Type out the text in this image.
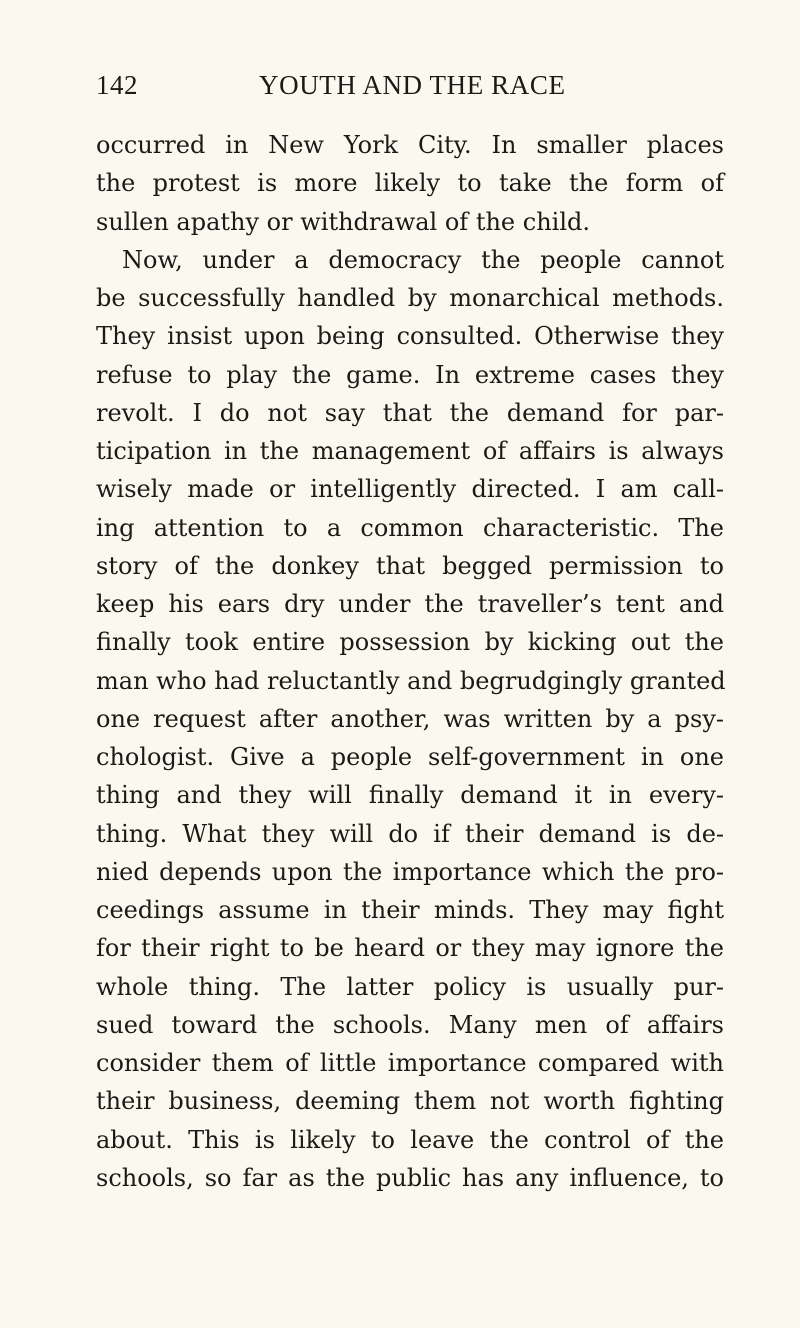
142	YOUTH AND THE RACE
occurred in New York City. In smaller places
the protest is more likely to take the form of
sullen apathy or withdrawal of the child.
Now, under a democracy the people cannot
be successfully handled by monarchical methods.
They insist upon being consulted. Otherwise they
refuse to play the game. In extreme cases they
revolt. I do not say that the demand for par-
ticipation in the management of affairs is always
wisely made or intelligently directed. I am call-
ing attention to a common characteristic. The
story of the donkey that begged permission to
keep his ears dry under the traveller’s tent and
finally took entire possession by kicking out the
man who had reluctantly and begrudgingly granted
one request after another, was written by a psy-
chologist. Give a people self-government in one
thing and they will finally demand it in every-
thing. What they will do if their demand is de-
nied depends upon the importance which the pro-
ceedings assume in their minds. They may fight
for their right to be heard or they may ignore the
whole thing. The latter policy is usually pur-
sued toward the schools. Many men of affairs
consider them of little importance compared with
their business, deeming them not worth fighting
about. This is likely to leave the control of the
schools, so far as the public has any influence, to
